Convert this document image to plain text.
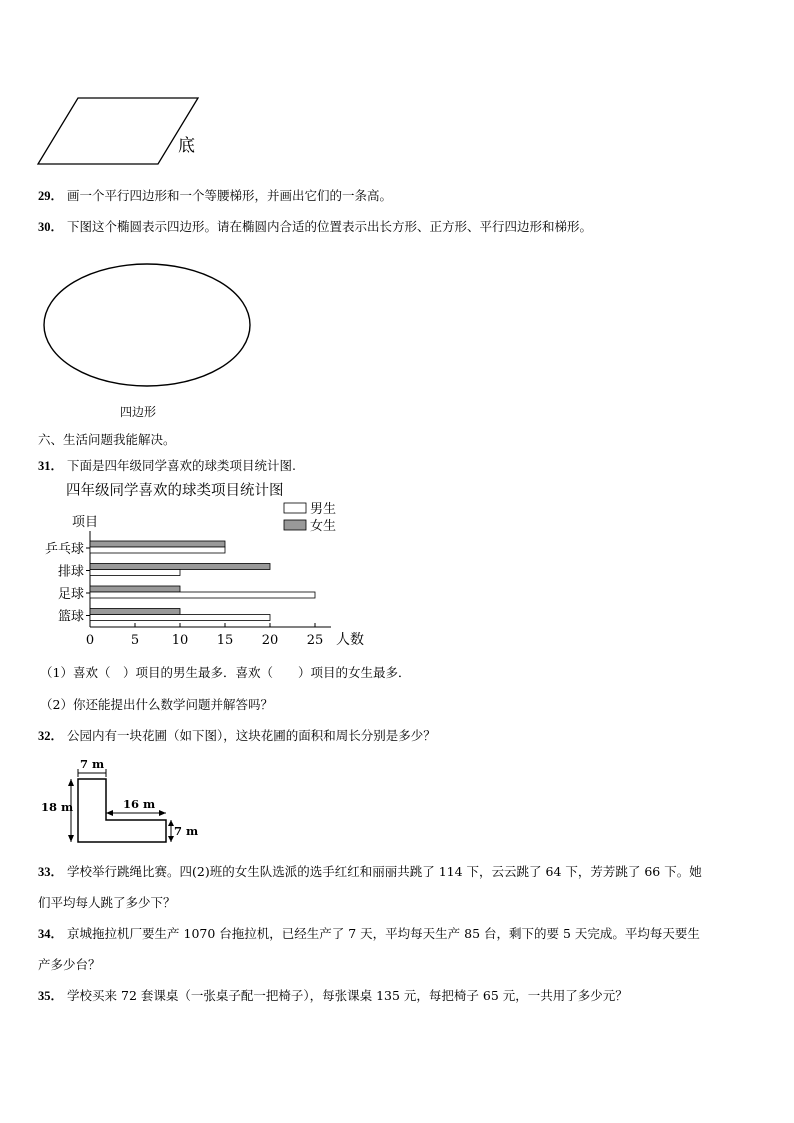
底
29． 画一个平行四边形和一个等腰梯形，并画出它们的一条高。
30． 下图这个椭圆表示四边形。请在椭圆内合适的位置表示出长方形、正方形、平行四边形和梯形。
四边形
六、生活问题我能解决。
31． 下面是四年级同学喜欢的球类项目统计图.
四年级同学喜欢的球类项目统计图
项目
人数
男生
女生
0	5	10 15 20 25
乒乓球
排球
足球
篮球
（1）喜欢（　）项目的男生最多．喜欢（　　）项目的女生最多．
（2）你还能提出什么数学问题并解答吗？
32． 公园内有一块花圃（如下图），这块花圃的面积和周长分别是多少？
7 m
18 m	16 m
7 m
33． 学校举行跳绳比赛。四(2)班的女生队选派的选手红红和丽丽共跳了 114 下，云云跳了 64 下，芳芳跳了 66 下。她
们平均每人跳了多少下？
34． 京城拖拉机厂要生产 1070 台拖拉机，已经生产了 7 天，平均每天生产 85 台，剩下的要 5 天完成。平均每天要生
产多少台？
35． 学校买来 72 套课桌（一张桌子配一把椅子），每张课桌 135 元，每把椅子 65 元，一共用了多少元？
